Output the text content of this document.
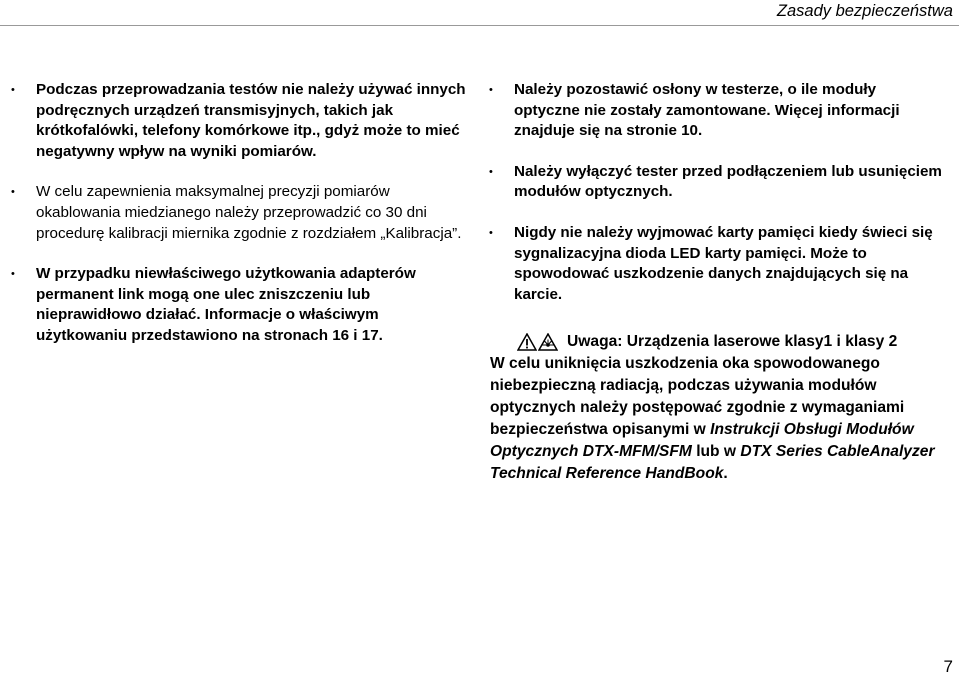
Zasady bezpieczeństwa
• Podczas przeprowadzania testów nie należy używać innych podręcznych urządzeń transmisyjnych, takich jak krótkofalówki, telefony komórkowe itp., gdyż może to mieć negatywny wpływ na wyniki pomiarów.
• W celu zapewnienia maksymalnej precyzji pomiarów okablowania miedzianego należy przeprowadzić co 30 dni procedurę kalibracji miernika zgodnie z rozdziałem „Kalibracja”.
• W przypadku niewłaściwego użytkowania adapterów permanent link mogą one ulec zniszczeniu lub nieprawidłowo działać. Informacje o właściwym użytkowaniu przedstawiono na stronach 16 i 17.
• Należy pozostawić osłony w testerze, o ile moduły optyczne nie zostały zamontowane. Więcej informacji znajduje się na stronie 10.
• Należy wyłączyć tester przed podłączeniem lub usunięciem modułów optycznych.
• Nigdy nie należy wyjmować karty pamięci kiedy świeci się sygnalizacyjna dioda LED karty pamięci. Może to spowodować uszkodzenie danych znajdujących się na karcie.
Uwaga: Urządzenia laserowe klasy1 i klasy 2
W celu uniknięcia uszkodzenia oka spowodowanego niebezpieczną radiacją, podczas używania modułów optycznych należy postępować zgodnie z wymaganiami bezpieczeństwa opisanymi w Instrukcji Obsługi Modułów Optycznych DTX-MFM/SFM lub w DTX Series CableAnalyzer Technical Reference HandBook.
7
